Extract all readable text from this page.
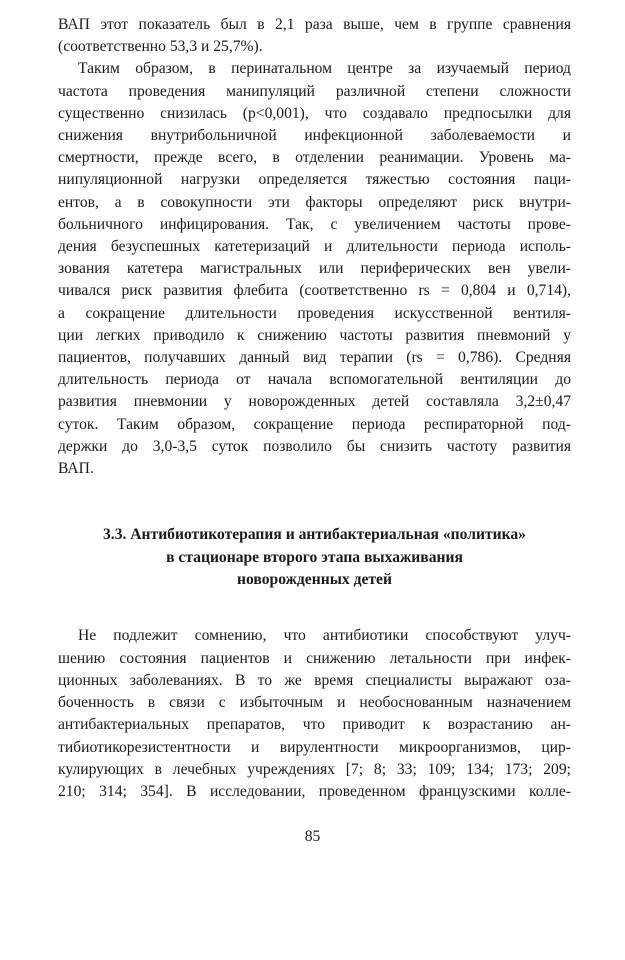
ВАП этот показатель был в 2,1 раза выше, чем в группе сравнения
(соответственно 53,3 и 25,7%).
Таким образом, в перинатальном центре за изучаемый период
частота проведения манипуляций различной степени сложности
существенно снизилась (p<0,001), что создавало предпосылки для
снижения внутрибольничной инфекционной заболеваемости и
смертности, прежде всего, в отделении реанимации. Уровень ма-
нипуляционной нагрузки определяется тяжестью состояния паци-
ентов, а в совокупности эти факторы определяют риск внутри-
больничного инфицирования. Так, с увеличением частоты прове-
дения безуспешных катетеризаций и длительности периода исполь-
зования катетера магистральных или периферических вен увели-
чивался риск развития флебита (соответственно rs = 0,804 и 0,714),
а сокращение длительности проведения искусственной вентиля-
ции легких приводило к снижению частоты развития пневмоний у
пациентов, получавших данный вид терапии (rs = 0,786). Средняя
длительность периода от начала вспомогательной вентиляции до
развития пневмонии у новорожденных детей составляла 3,2±0,47
суток. Таким образом, сокращение периода респираторной под-
держки до 3,0-3,5 суток позволило бы снизить частоту развития
ВАП.
3.3. Антибиотикотерапия и антибактериальная «политика»
в стационаре второго этапа выхаживания
новорожденных детей
Не подлежит сомнению, что антибиотики способствуют улуч-
шению состояния пациентов и снижению летальности при инфек-
ционных заболеваниях. В то же время специалисты выражают оза-
боченность в связи с избыточным и необоснованным назначением
антибактериальных препаратов, что приводит к возрастанию ан-
тибиотикорезистентности и вирулентности микроорганизмов, цир-
кулирующих в лечебных учреждениях [7; 8; 33; 109; 134; 173; 209;
210; 314; 354]. В исследовании, проведенном французскими колле-
85
